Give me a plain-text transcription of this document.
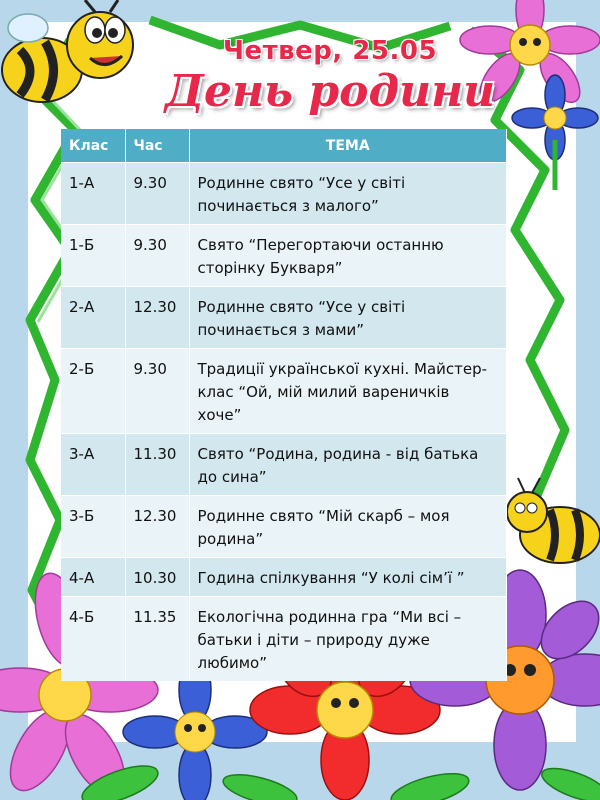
Четвер, 25.05
День родини
Клас	Час	ТЕМА
1-А	9.30	Родинне свято “Усе у світі починається з малого”
1-Б	9.30	Свято “Перегортаючи останню сторінку Букваря”
2-А	12.30	Родинне свято “Усе у світі починається з мами”
2-Б	9.30	Традиції української кухні. Майстер-клас “Ой, мій милий вареничків хоче”
3-А	11.30	Свято “Родина, родина - від батька до сина”
3-Б	12.30	Родинне свято “Мій скарб – моя родина”
4-А	10.30	Година спілкування “У колі сім’ї ”
4-Б	11.35	Екологічна родинна гра “Ми всі – батьки і діти – природу дуже любимо”
